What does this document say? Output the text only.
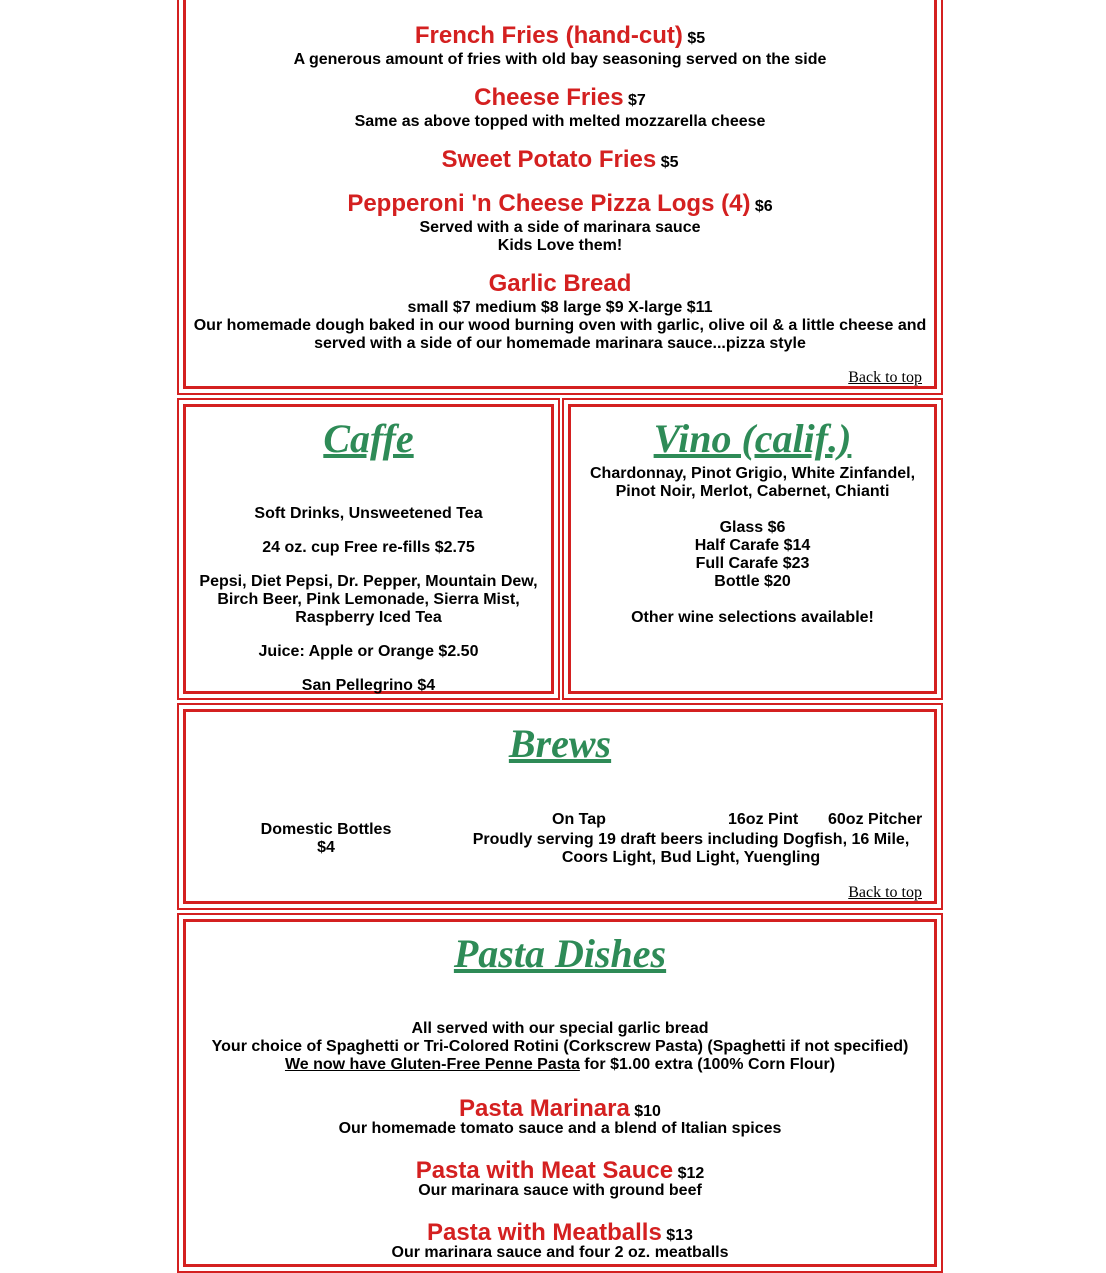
French Fries (hand-cut) $5
A generous amount of fries with old bay seasoning served on the side
Cheese Fries $7
Same as above topped with melted mozzarella cheese
Sweet Potato Fries $5
Pepperoni 'n Cheese Pizza Logs (4) $6
Served with a side of marinara sauce
Kids Love them!
Garlic Bread
small $7 medium $8 large $9 X-large $11
Our homemade dough baked in our wood burning oven with garlic, olive oil & a little cheese and
served with a side of our homemade marinara sauce...pizza style
Back to top
Caffe
Soft Drinks, Unsweetened Tea
24 oz. cup Free re-fills $2.75
Pepsi, Diet Pepsi, Dr. Pepper, Mountain Dew,
Birch Beer, Pink Lemonade, Sierra Mist,
Raspberry Iced Tea
Juice: Apple or Orange $2.50
San Pellegrino $4
Vino (calif.)
Chardonnay, Pinot Grigio, White Zinfandel,
Pinot Noir, Merlot, Cabernet, Chianti
Glass $6
Half Carafe $14
Full Carafe $23
Bottle $20
Other wine selections available!
Brews
Domestic Bottles
$4
On Tap	16oz Pint 60oz Pitcher
Proudly serving 19 draft beers including Dogfish, 16 Mile,
Coors Light, Bud Light, Yuengling
Back to top
Pasta Dishes
All served with our special garlic bread
Your choice of Spaghetti or Tri-Colored Rotini (Corkscrew Pasta) (Spaghetti if not specified)
We now have Gluten-Free Penne Pasta for $1.00 extra (100% Corn Flour)
Pasta Marinara $10
Our homemade tomato sauce and a blend of Italian spices
Pasta with Meat Sauce $12
Our marinara sauce with ground beef
Pasta with Meatballs $13
Our marinara sauce and four 2 oz. meatballs
